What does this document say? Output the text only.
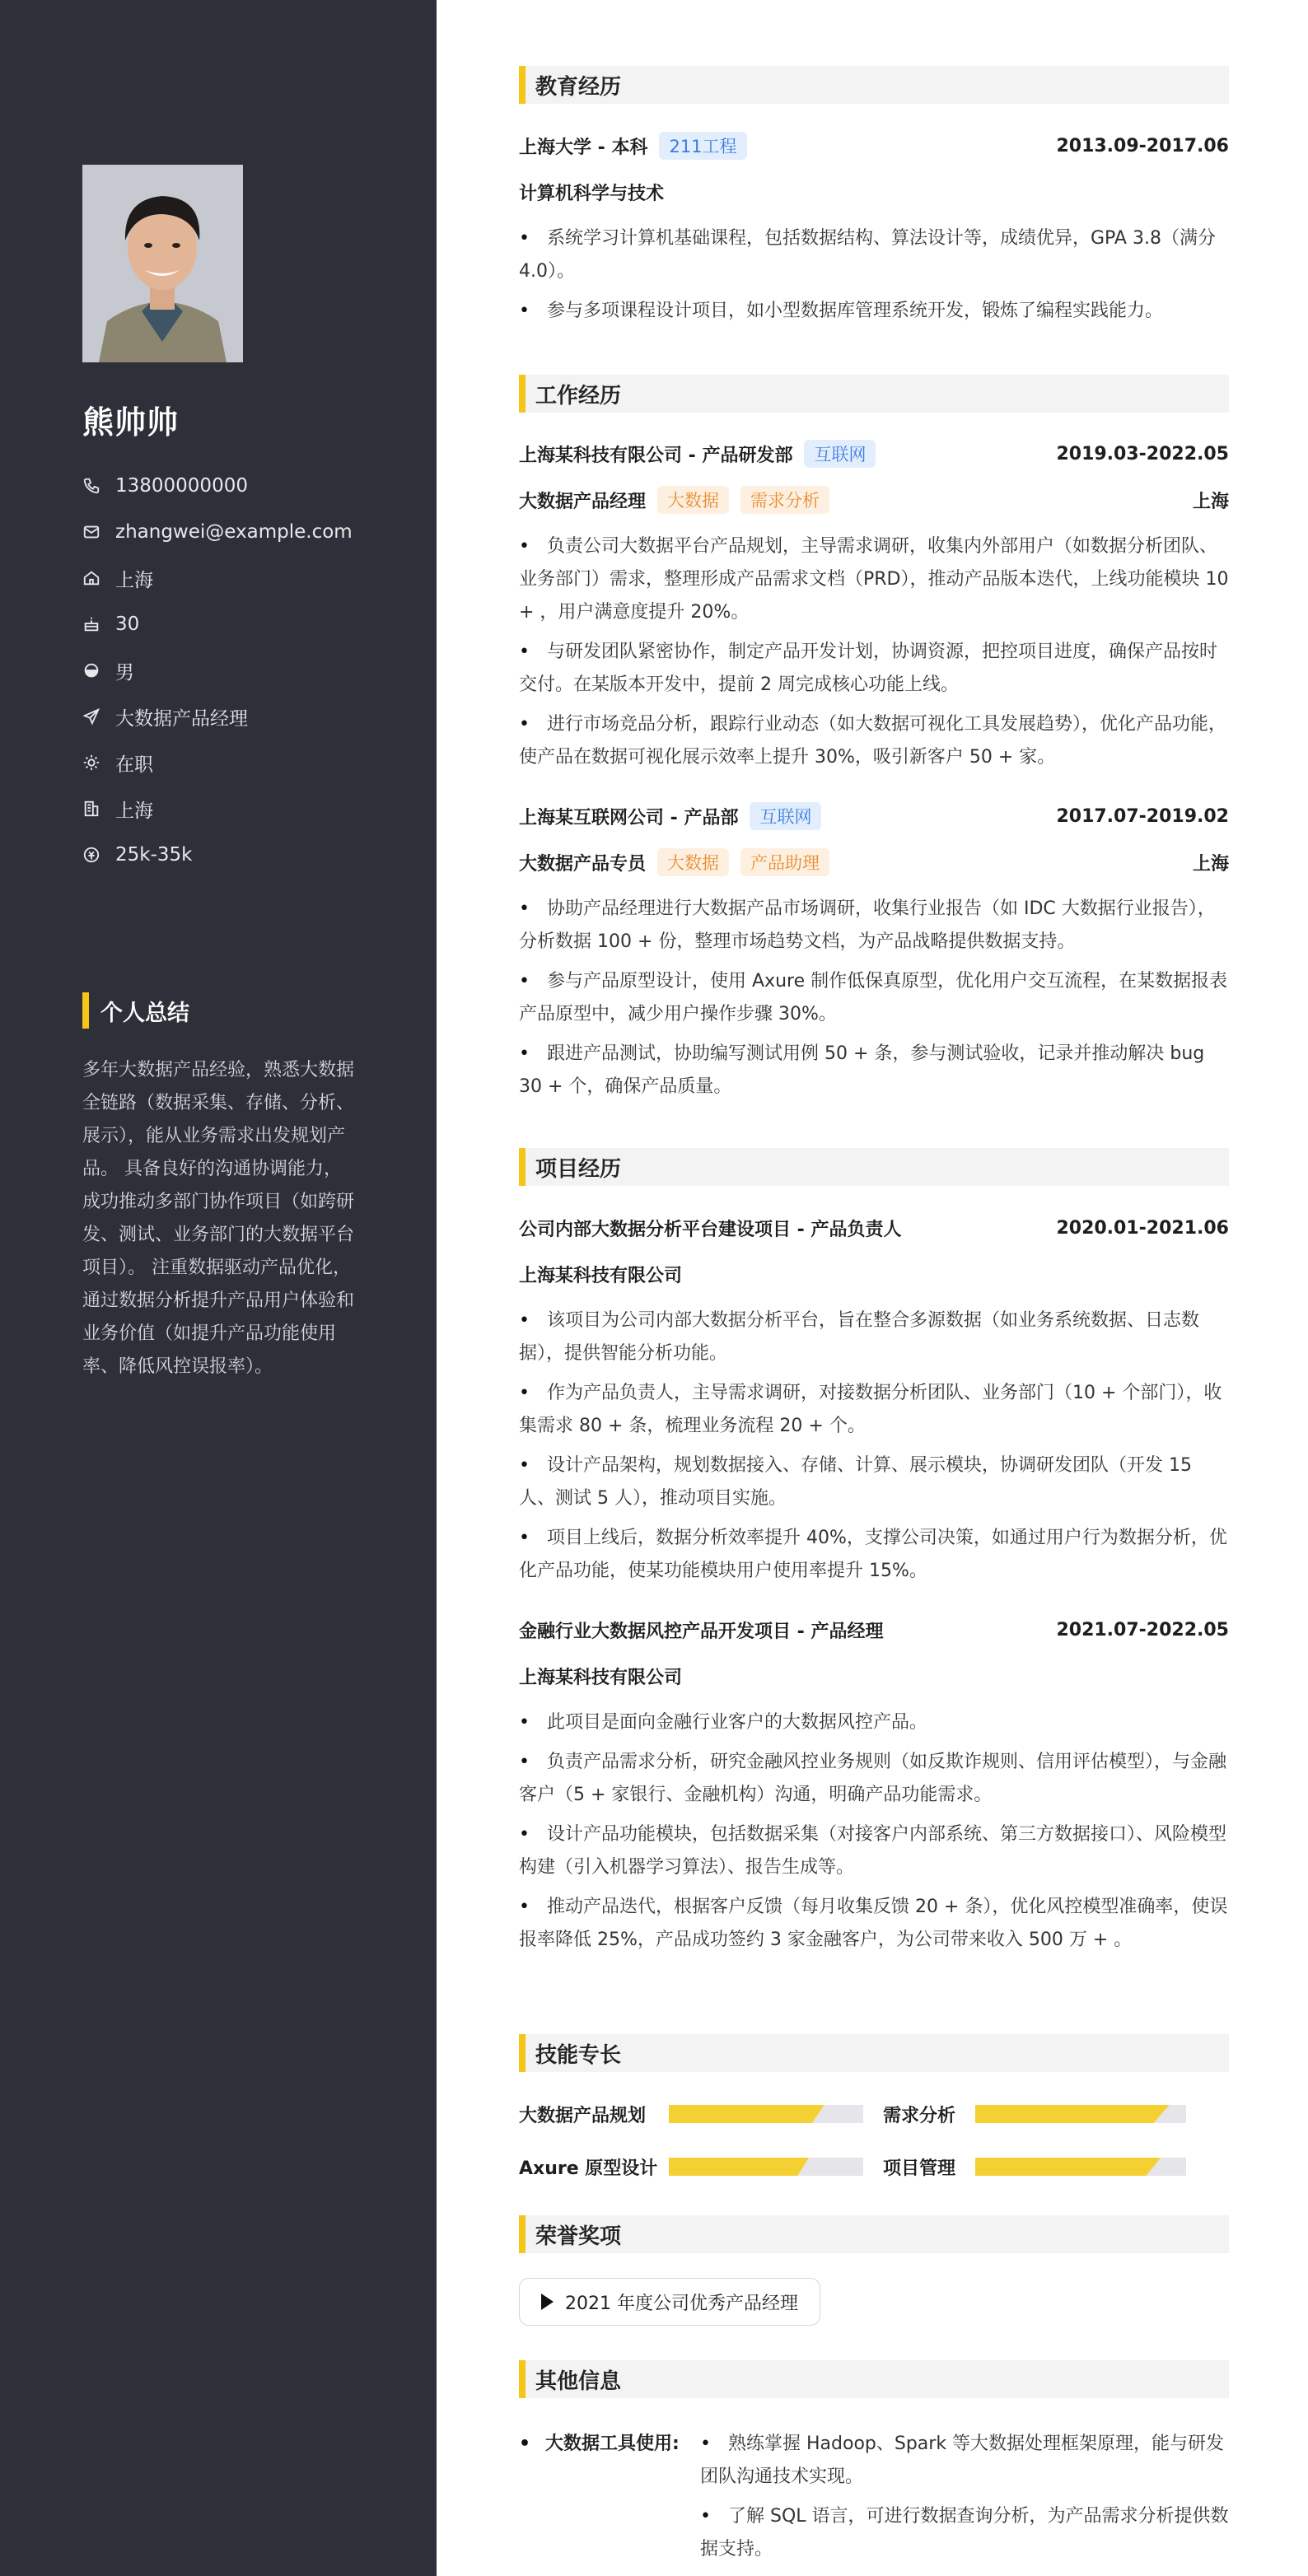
熊帅帅
13800000000
zhangwei@example.com
上海
30
男
大数据产品经理
在职
上海
25k-35k
个人总结
多年大数据产品经验，熟悉大数据全链路（数据采集、存储、分析、展示），能从业务需求出发规划产品。 具备良好的沟通协调能力，成功推动多部门协作项目（如跨研发、测试、业务部门的大数据平台项目）。 注重数据驱动产品优化，通过数据分析提升产品用户体验和业务价值（如提升产品功能使用率、降低风控误报率）。
教育经历
上海大学 - 本科	211工程	2013.09-2017.06
计算机科学与技术
• 系统学习计算机基础课程，包括数据结构、算法设计等，成绩优异，GPA 3.8（满分4.0）。
• 参与多项课程设计项目，如小型数据库管理系统开发，锻炼了编程实践能力。
工作经历
上海某科技有限公司 - 产品研发部	互联网	2019.03-2022.05
大数据产品经理	大数据	需求分析	上海
• 负责公司大数据平台产品规划，主导需求调研，收集内外部用户（如数据分析团队、业务部门）需求，整理形成产品需求文档（PRD），推动产品版本迭代，上线功能模块 10 + ，用户满意度提升 20%。
• 与研发团队紧密协作，制定产品开发计划，协调资源，把控项目进度，确保产品按时交付。在某版本开发中，提前 2 周完成核心功能上线。
• 进行市场竞品分析，跟踪行业动态（如大数据可视化工具发展趋势），优化产品功能，使产品在数据可视化展示效率上提升 30%，吸引新客户 50 + 家。
上海某互联网公司 - 产品部	互联网	2017.07-2019.02
大数据产品专员	大数据	产品助理	上海
• 协助产品经理进行大数据产品市场调研，收集行业报告（如 IDC 大数据行业报告），分析数据 100 + 份，整理市场趋势文档，为产品战略提供数据支持。
• 参与产品原型设计，使用 Axure 制作低保真原型，优化用户交互流程，在某数据报表产品原型中，减少用户操作步骤 30%。
• 跟进产品测试，协助编写测试用例 50 + 条，参与测试验收，记录并推动解决 bug 30 + 个，确保产品质量。
项目经历
公司内部大数据分析平台建设项目 - 产品负责人	2020.01-2021.06
上海某科技有限公司
• 该项目为公司内部大数据分析平台，旨在整合多源数据（如业务系统数据、日志数据），提供智能分析功能。
• 作为产品负责人，主导需求调研，对接数据分析团队、业务部门（10 + 个部门），收集需求 80 + 条，梳理业务流程 20 + 个。
• 设计产品架构，规划数据接入、存储、计算、展示模块，协调研发团队（开发 15 人、测试 5 人），推动项目实施。
• 项目上线后，数据分析效率提升 40%，支撑公司决策，如通过用户行为数据分析，优化产品功能，使某功能模块用户使用率提升 15%。
金融行业大数据风控产品开发项目 - 产品经理	2021.07-2022.05
上海某科技有限公司
• 此项目是面向金融行业客户的大数据风控产品。
• 负责产品需求分析，研究金融风控业务规则（如反欺诈规则、信用评估模型），与金融客户（5 + 家银行、金融机构）沟通，明确产品功能需求。
• 设计产品功能模块，包括数据采集（对接客户内部系统、第三方数据接口）、风险模型构建（引入机器学习算法）、报告生成等。
• 推动产品迭代，根据客户反馈（每月收集反馈 20 + 条），优化风控模型准确率，使误报率降低 25%，产品成功签约 3 家金融客户，为公司带来收入 500 万 + 。
技能专长
大数据产品规划	需求分析
Axure 原型设计	项目管理
荣誉奖项
2021 年度公司优秀产品经理
其他信息
• 大数据工具使用:
•	熟练掌握 Hadoop、Spark 等大数据处理框架原理，能与研发团队沟通技术实现。
• 了解 SQL 语言，可进行数据查询分析，为产品需求分析提供数据支持。
